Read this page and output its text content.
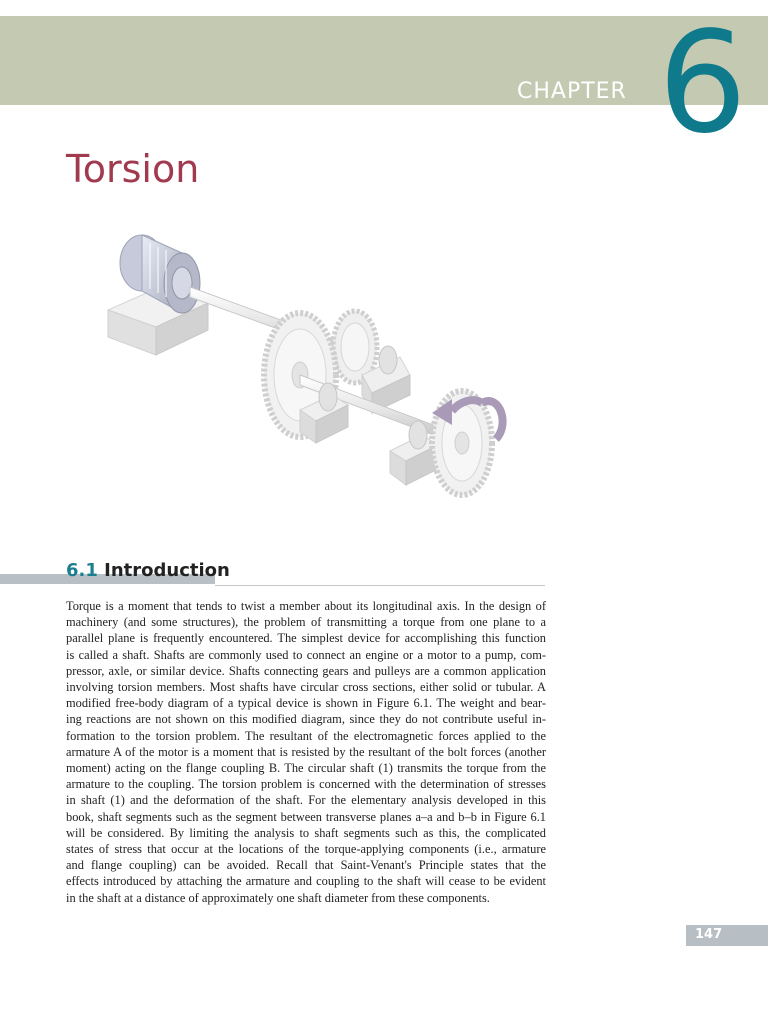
CHAPTER 6
Torsion
6.1 Introduction
Torque is a moment that tends to twist a member about its longitudinal axis. In the design of
machinery (and some structures), the problem of transmitting a torque from one plane to a
parallel plane is frequently encountered. The simplest device for accomplishing this function
is called a shaft. Shafts are commonly used to connect an engine or a motor to a pump, com-
pressor, axle, or similar device. Shafts connecting gears and pulleys are a common application
involving torsion members. Most shafts have circular cross sections, either solid or tubular. A
modified free-body diagram of a typical device is shown in Figure 6.1. The weight and bear-
ing reactions are not shown on this modified diagram, since they do not contribute useful in-
formation to the torsion problem. The resultant of the electromagnetic forces applied to the
armature A of the motor is a moment that is resisted by the resultant of the bolt forces (another
moment) acting on the flange coupling B. The circular shaft (1) transmits the torque from the
armature to the coupling. The torsion problem is concerned with the determination of stresses
in shaft (1) and the deformation of the shaft. For the elementary analysis developed in this
book, shaft segments such as the segment between transverse planes a–a and b–b in Figure 6.1
will be considered. By limiting the analysis to shaft segments such as this, the complicated
states of stress that occur at the locations of the torque-applying components (i.e., armature
and flange coupling) can be avoided. Recall that Saint-Venant's Principle states that the
effects introduced by attaching the armature and coupling to the shaft will cease to be evident
in the shaft at a distance of approximately one shaft diameter from these components.
147
